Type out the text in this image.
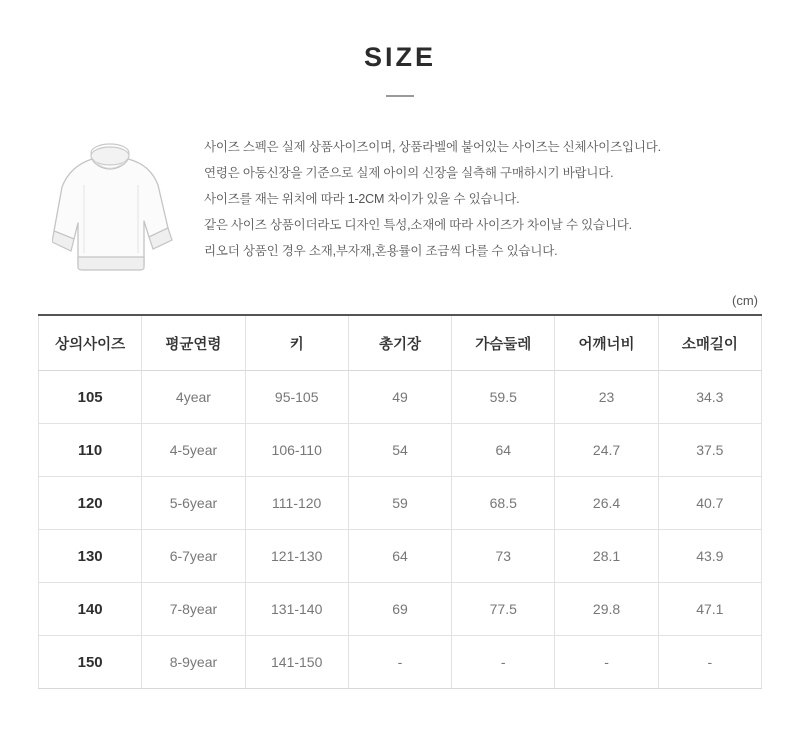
SIZE

사이즈 스펙은 실제 상품사이즈이며, 상품라벨에 붙어있는 사이즈는 신체사이즈입니다.

연령은 아동신장을 기준으로 실제 아이의 신장을 실측해 구매하시기 바랍니다.

사이즈를 재는 위치에 따라 1-2CM 차이가 있을 수 있습니다.

같은 사이즈 상품이더라도 디자인 특성,소재에 따라 사이즈가 차이날 수 있습니다.

리오더 상품인 경우 소재,부자재,혼용률이 조금씩 다를 수 있습니다.

(cm)
상의사이즈	평균연령	키	총기장	가슴둘레	어깨너비	소매길이
105	4year	95-105	49	59.5	23	34.3
110	4-5year	106-110	54	64	24.7	37.5
120	5-6year	111-120	59	68.5	26.4	40.7
130	6-7year	121-130	64	73	28.1	43.9
140	7-8year	131-140	69	77.5	29.8	47.1
150	8-9year	141-150	-	-	-	-
